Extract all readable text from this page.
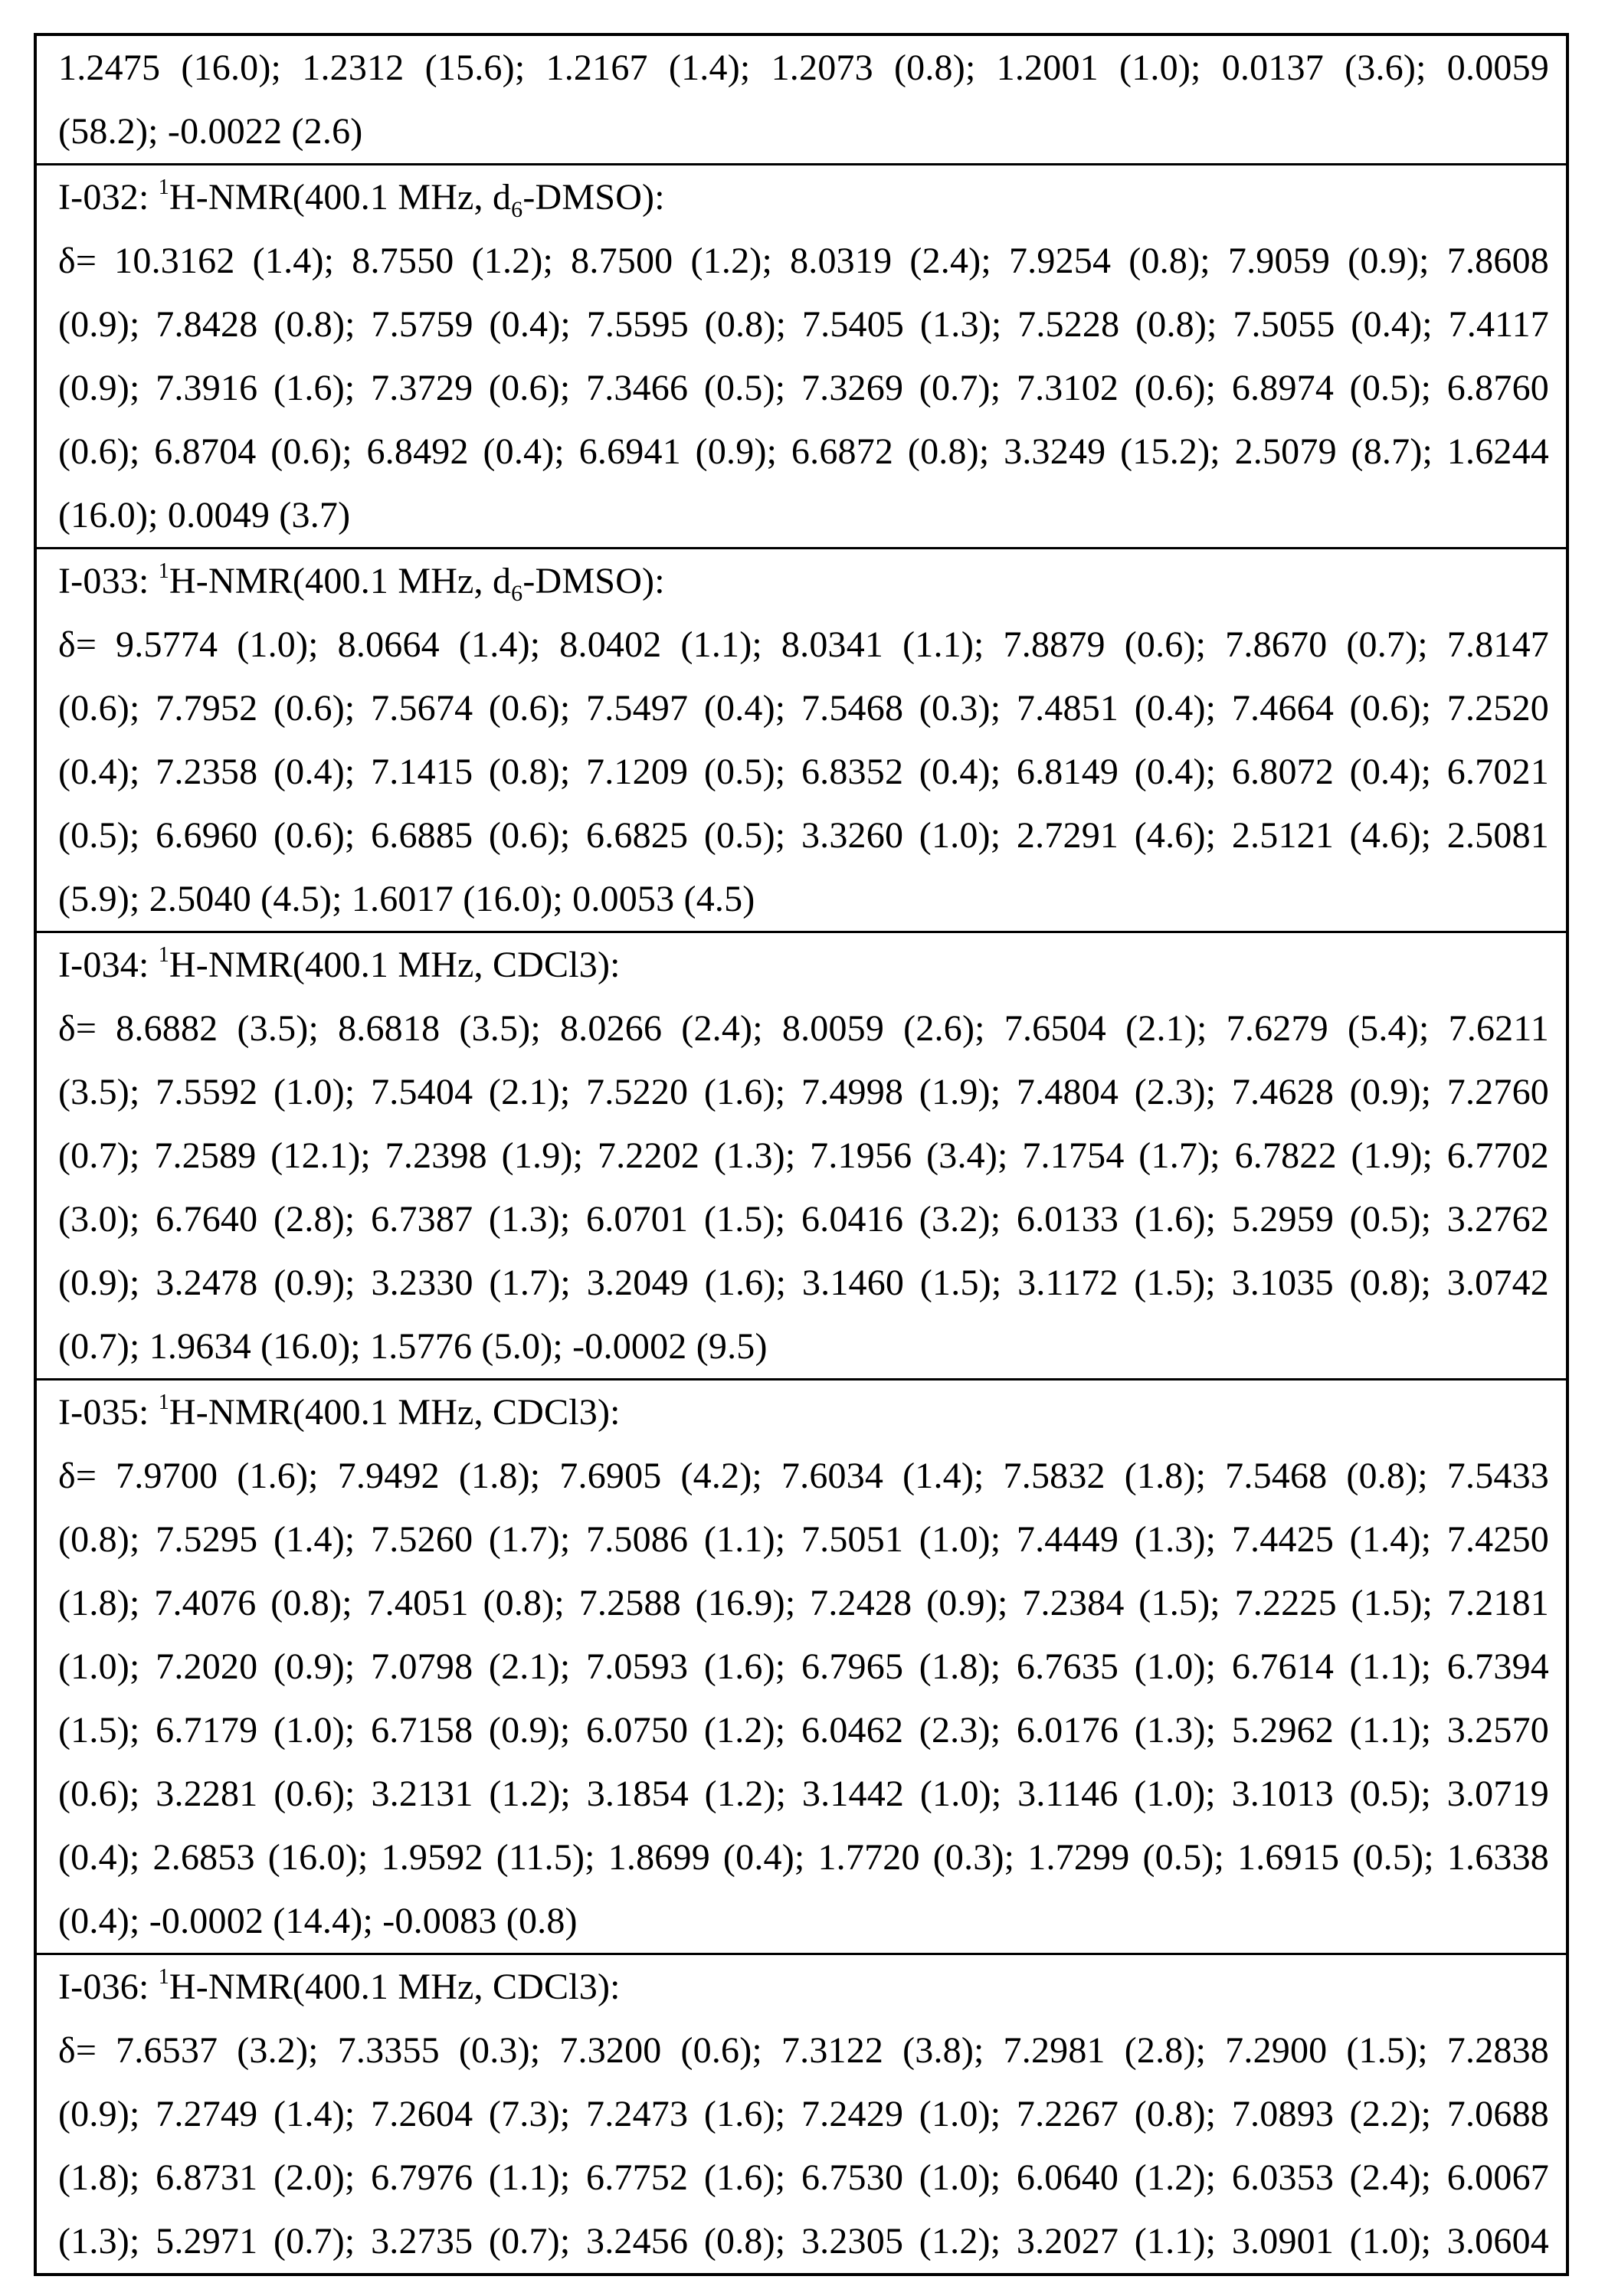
1.2475 (16.0); 1.2312 (15.6); 1.2167 (1.4); 1.2073 (0.8); 1.2001 (1.0); 0.0137 (3.6); 0.0059
(58.2); -0.0022 (2.6)
I-032: $^1$H-NMR(400.1 MHz, $d_6-DMSO$):
δ= 10.3162 (1.4); 8.7550 (1.2); 8.7500 (1.2); 8.0319 (2.4); 7.9254 (0.8); 7.9059 (0.9); 7.8608
(0.9); 7.8428 (0.8); 7.5759 (0.4); 7.5595 (0.8); 7.5405 (1.3); 7.5228 (0.8); 7.5055 (0.4); 7.4117
(0.9); 7.3916 (1.6); 7.3729 (0.6); 7.3466 (0.5); 7.3269 (0.7); 7.3102 (0.6); 6.8974 (0.5); 6.8760
(0.6); 6.8704 (0.6); 6.8492 (0.4); 6.6941 (0.9); 6.6872 (0.8); 3.3249 (15.2); 2.5079 (8.7); 1.6244
(16.0); 0.0049 (3.7)
I-033: $^1$H-NMR(400.1 MHz, $d_6-DMSO$):
δ= 9.5774 (1.0); 8.0664 (1.4); 8.0402 (1.1); 8.0341 (1.1); 7.8879 (0.6); 7.8670 (0.7); 7.8147
(0.6); 7.7952 (0.6); 7.5674 (0.6); 7.5497 (0.4); 7.5468 (0.3); 7.4851 (0.4); 7.4664 (0.6); 7.2520
(0.4); 7.2358 (0.4); 7.1415 (0.8); 7.1209 (0.5); 6.8352 (0.4); 6.8149 (0.4); 6.8072 (0.4); 6.7021
(0.5); 6.6960 (0.6); 6.6885 (0.6); 6.6825 (0.5); 3.3260 (1.0); 2.7291 (4.6); 2.5121 (4.6); 2.5081
(5.9); 2.5040 (4.5); 1.6017 (16.0); 0.0053 (4.5)
I-034: $^1$H-NMR(400.1 MHz, CDCl3):
δ= 8.6882 (3.5); 8.6818 (3.5); 8.0266 (2.4); 8.0059 (2.6); 7.6504 (2.1); 7.6279 (5.4); 7.6211
(3.5); 7.5592 (1.0); 7.5404 (2.1); 7.5220 (1.6); 7.4998 (1.9); 7.4804 (2.3); 7.4628 (0.9); 7.2760
(0.7); 7.2589 (12.1); 7.2398 (1.9); 7.2202 (1.3); 7.1956 (3.4); 7.1754 (1.7); 6.7822 (1.9); 6.7702
(3.0); 6.7640 (2.8); 6.7387 (1.3); 6.0701 (1.5); 6.0416 (3.2); 6.0133 (1.6); 5.2959 (0.5); 3.2762
(0.9); 3.2478 (0.9); 3.2330 (1.7); 3.2049 (1.6); 3.1460 (1.5); 3.1172 (1.5); 3.1035 (0.8); 3.0742
(0.7); 1.9634 (16.0); 1.5776 (5.0); -0.0002 (9.5)
I-035: $^1$H-NMR(400.1 MHz, CDCl3):
δ= 7.9700 (1.6); 7.9492 (1.8); 7.6905 (4.2); 7.6034 (1.4); 7.5832 (1.8); 7.5468 (0.8); 7.5433
(0.8); 7.5295 (1.4); 7.5260 (1.7); 7.5086 (1.1); 7.5051 (1.0); 7.4449 (1.3); 7.4425 (1.4); 7.4250
(1.8); 7.4076 (0.8); 7.4051 (0.8); 7.2588 (16.9); 7.2428 (0.9); 7.2384 (1.5); 7.2225 (1.5); 7.2181
(1.0); 7.2020 (0.9); 7.0798 (2.1); 7.0593 (1.6); 6.7965 (1.8); 6.7635 (1.0); 6.7614 (1.1); 6.7394
(1.5); 6.7179 (1.0); 6.7158 (0.9); 6.0750 (1.2); 6.0462 (2.3); 6.0176 (1.3); 5.2962 (1.1); 3.2570
(0.6); 3.2281 (0.6); 3.2131 (1.2); 3.1854 (1.2); 3.1442 (1.0); 3.1146 (1.0); 3.1013 (0.5); 3.0719
(0.4); 2.6853 (16.0); 1.9592 (11.5); 1.8699 (0.4); 1.7720 (0.3); 1.7299 (0.5); 1.6915 (0.5); 1.6338
(0.4); -0.0002 (14.4); -0.0083 (0.8)
I-036: $^1$H-NMR(400.1 MHz, CDCl3):
δ= 7.6537 (3.2); 7.3355 (0.3); 7.3200 (0.6); 7.3122 (3.8); 7.2981 (2.8); 7.2900 (1.5); 7.2838
(0.9); 7.2749 (1.4); 7.2604 (7.3); 7.2473 (1.6); 7.2429 (1.0); 7.2267 (0.8); 7.0893 (2.2); 7.0688
(1.8); 6.8731 (2.0); 6.7976 (1.1); 6.7752 (1.6); 6.7530 (1.0); 6.0640 (1.2); 6.0353 (2.4); 6.0067
(1.3); 5.2971 (0.7); 3.2735 (0.7); 3.2456 (0.8); 3.2305 (1.2); 3.2027 (1.1); 3.0901 (1.0); 3.0604
